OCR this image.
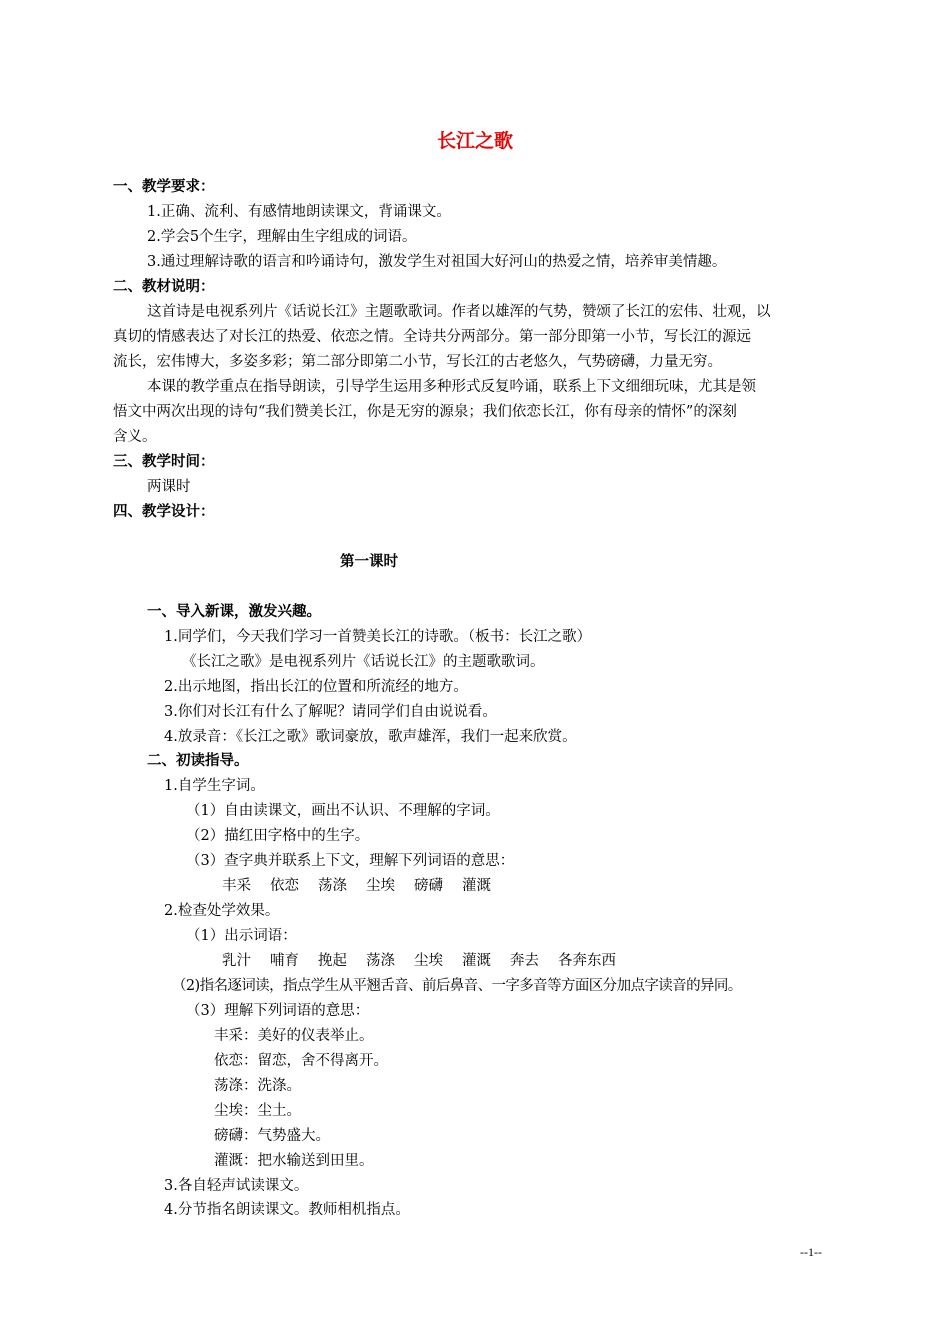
长江之歌
一、教学要求：
1.正确、流利、有感情地朗读课文，背诵课文。
2.学会5个生字，理解由生字组成的词语。
3.通过理解诗歌的语言和吟诵诗句，激发学生对祖国大好河山的热爱之情，培养审美情趣。
二、教材说明：
这首诗是电视系列片《话说长江》主题歌歌词。作者以雄浑的气势，赞颂了长江的宏伟、壮观，以
真切的情感表达了对长江的热爱、依恋之情。全诗共分两部分。第一部分即第一小节，写长江的源远
流长，宏伟博大，多姿多彩；第二部分即第二小节，写长江的古老悠久，气势磅礴，力量无穷。
本课的教学重点在指导朗读，引导学生运用多种形式反复吟诵，联系上下文细细玩味，尤其是领
悟文中两次出现的诗句“我们赞美长江，你是无穷的源泉；我们依恋长江，你有母亲的情怀”的深刻
含义。
三、教学时间：
两课时
四、教学设计：
第一课时
一、导入新课，激发兴趣。
1.同学们，今天我们学习一首赞美长江的诗歌。（板书：长江之歌）
《长江之歌》是电视系列片《话说长江》的主题歌歌词。
2.出示地图，指出长江的位置和所流经的地方。
3.你们对长江有什么了解呢？请同学们自由说说看。
4.放录音：《长江之歌》歌词豪放，歌声雄浑，我们一起来欣赏。
二、初读指导。
1.自学生字词。
（1）自由读课文，画出不认识、不理解的字词。
（2）描红田字格中的生字。
（3）查字典并联系上下文，理解下列词语的意思：
丰采 依恋 荡涤 尘埃 磅礴 灌溉
2.检查处学效果。
（1）出示词语：
乳汁 哺育 挽起 荡涤 尘埃 灌溉 奔去 各奔东西
（2)指名逐词读，指点学生从平翘舌音、前后鼻音、一字多音等方面区分加点字读音的异同。
（3）理解下列词语的意思：
丰采：美好的仪表举止。
依恋：留恋，舍不得离开。
荡涤：洗涤。
尘埃：尘土。
磅礴：气势盛大。
灌溉：把水输送到田里。
3.各自轻声试读课文。
4.分节指名朗读课文。教师相机指点。
--1--
